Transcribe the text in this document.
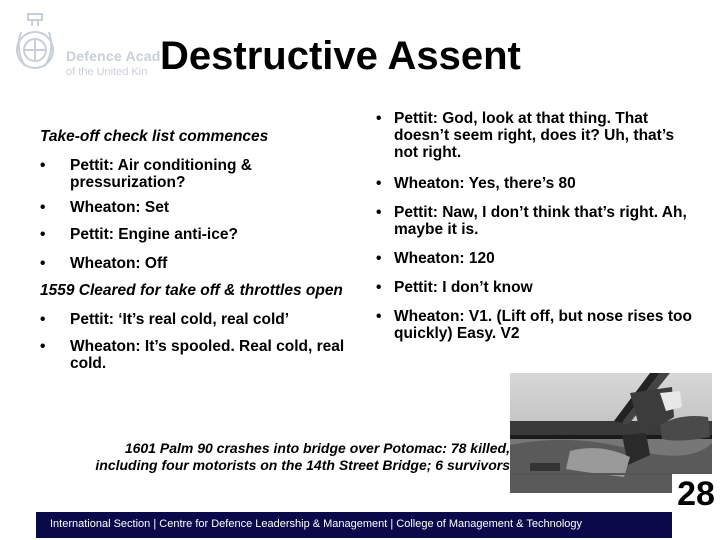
Defence Acad
of the United Kin Destructive Assent

Take-off check list commences

• Pettit: Air conditioning & pressurization?
• Wheaton: Set
• Pettit: Engine anti-ice?
• Wheaton: Off

1559 Cleared for take off & throttles open

• Pettit: ‘It’s real cold, real cold’
• Wheaton: It’s spooled. Real cold, real cold.
• Pettit: God, look at that thing. That doesn’t seem right, does it? Uh, that’s not right.
• Wheaton: Yes, there’s 80
• Pettit: Naw, I don’t think that’s right. Ah, maybe it is.
• Wheaton: 120
• Pettit: I don’t know
• Wheaton: V1. (Lift off, but nose rises too quickly) Easy. V2
1601 Palm 90 crashes into bridge over Potomac: 78 killed, including four motorists on the 14th Street Bridge; 6 survivors
International Section | Centre for Defence Leadership & Management | College of Management & Technology
28
